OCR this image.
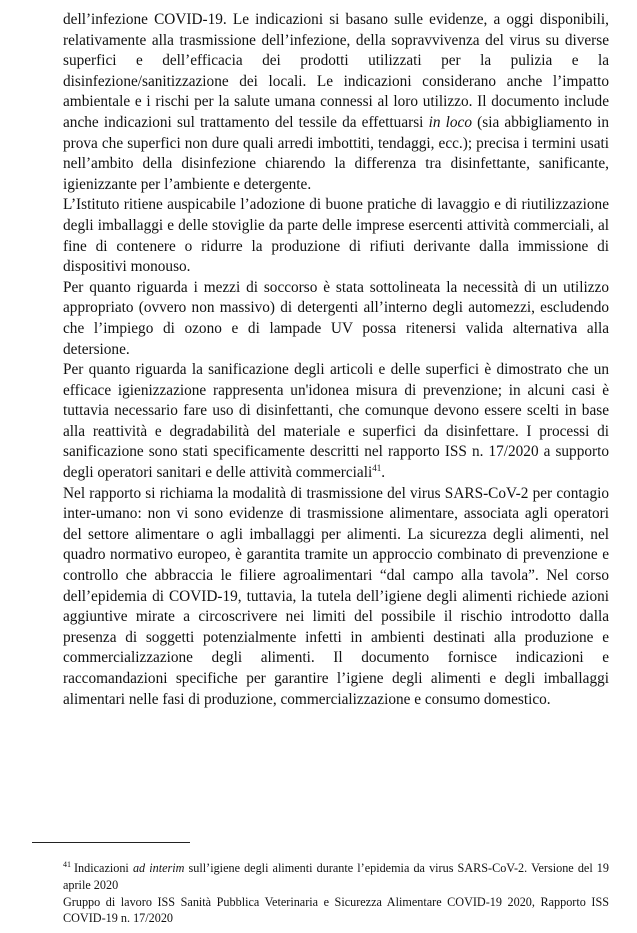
dell’infezione COVID-19. Le indicazioni si basano sulle evidenze, a oggi disponibili, relativamente alla trasmissione dell’infezione, della sopravvivenza del virus su diverse superfici e dell’efficacia dei prodotti utilizzati per la pulizia e la disinfezione/sanitizzazione dei locali. Le indicazioni considerano anche l’impatto ambientale e i rischi per la salute umana connessi al loro utilizzo. Il documento include anche indicazioni sul trattamento del tessile da effettuarsi in loco (sia abbigliamento in prova che superfici non dure quali arredi imbottiti, tendaggi, ecc.); precisa i termini usati nell’ambito della disinfezione chiarendo la differenza tra disinfettante, sanificante, igienizzante per l’ambiente e detergente.

L’Istituto ritiene auspicabile l’adozione di buone pratiche di lavaggio e di riutilizzazione degli imballaggi e delle stoviglie da parte delle imprese esercenti attività commerciali, al fine di contenere o ridurre la produzione di rifiuti derivante dalla immissione di dispositivi monouso.

Per quanto riguarda i mezzi di soccorso è stata sottolineata la necessità di un utilizzo appropriato (ovvero non massivo) di detergenti all’interno degli automezzi, escludendo che l’impiego di ozono e di lampade UV possa ritenersi valida alternativa alla detersione.

Per quanto riguarda la sanificazione degli articoli e delle superfici è dimostrato che un efficace igienizzazione rappresenta un'idonea misura di prevenzione; in alcuni casi è tuttavia necessario fare uso di disinfettanti, che comunque devono essere scelti in base alla reattività e degradabilità del materiale e superfici da disinfettare. I processi di sanificazione sono stati specificamente descritti nel rapporto ISS n. 17/2020 a supporto degli operatori sanitari e delle attività commerciali$^{41}$.

Nel rapporto si richiama la modalità di trasmissione del virus SARS-CoV-2 per contagio inter-umano: non vi sono evidenze di trasmissione alimentare, associata agli operatori del settore alimentare o agli imballaggi per alimenti. La sicurezza degli alimenti, nel quadro normativo europeo, è garantita tramite un approccio combinato di prevenzione e controllo che abbraccia le filiere agroalimentari “dal campo alla tavola”. Nel corso dell’epidemia di COVID-19, tuttavia, la tutela dell’igiene degli alimenti richiede azioni aggiuntive mirate a circoscrivere nei limiti del possibile il rischio introdotto dalla presenza di soggetti potenzialmente infetti in ambienti destinati alla produzione e commercializzazione degli alimenti. Il documento fornisce indicazioni e raccomandazioni specifiche per garantire l’igiene degli alimenti e degli imballaggi alimentari nelle fasi di produzione, commercializzazione e consumo domestico.

$^{41}$ Indicazioni ad interim sull’igiene degli alimenti durante l’epidemia da virus SARS-CoV-2. Versione del 19 aprile 2020

Gruppo di lavoro ISS Sanità Pubblica Veterinaria e Sicurezza Alimentare COVID-19 2020, Rapporto ISS COVID-19 n. 17/2020
